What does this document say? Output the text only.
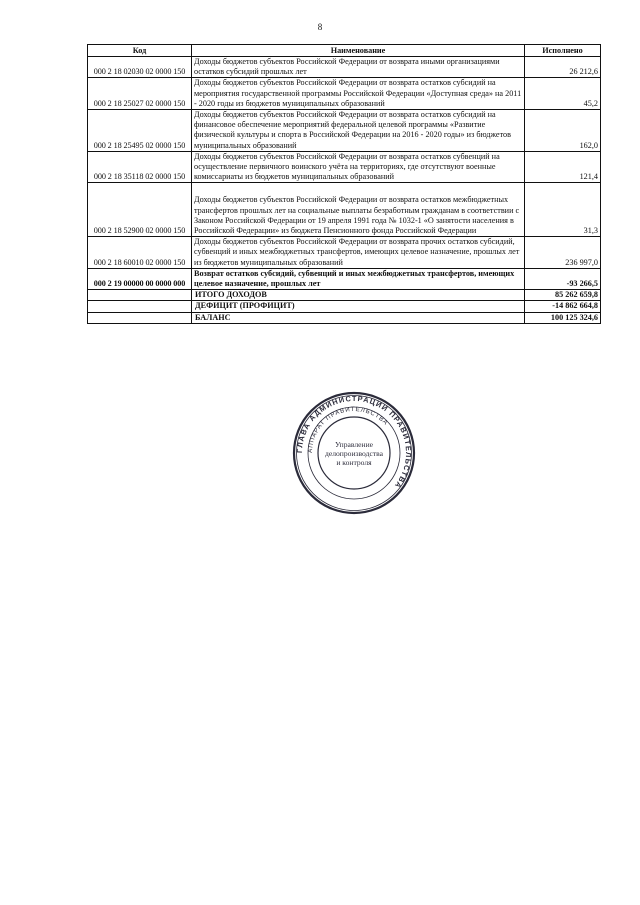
8
Код	Наименование	Исполнено
000 2 18 02030 02 0000 150	Доходы бюджетов субъектов Российской Федерации от возврата иными организациями остатков субсидий прошлых лет	26 212,6
000 2 18 25027 02 0000 150	Доходы бюджетов субъектов Российской Федерации от возврата остатков субсидий на мероприятия государственной программы Российской Федерации «Доступная среда» на 2011 - 2020 годы из бюджетов муниципальных образований	45,2
000 2 18 25495 02 0000 150	Доходы бюджетов субъектов Российской Федерации от возврата остатков субсидий на финансовое обеспечение мероприятий федеральной целевой программы «Развитие физической культуры и спорта в Российской Федерации на 2016 - 2020 годы» из бюджетов муниципальных образований	162,0
000 2 18 35118 02 0000 150	Доходы бюджетов субъектов Российской Федерации от возврата остатков субвенций на осуществление первичного воинского учёта на территориях, где отсутствуют военные комиссариаты из бюджетов муниципальных образований	121,4
000 2 18 52900 02 0000 150	Доходы бюджетов субъектов Российской Федерации от возврата остатков межбюджетных трансфертов прошлых лет на социальные выплаты безработным гражданам в соответствии с Законом Российской Федерации от 19 апреля 1991 года № 1032-1 «О занятости населения в Российской Федерации» из бюджета Пенсионного фонда Российской Федерации	31,3
000 2 18 60010 02 0000 150	Доходы бюджетов субъектов Российской Федерации от возврата прочих остатков субсидий, субвенций и иных межбюджетных трансфертов, имеющих целевое назначение, прошлых лет из бюджетов муниципальных образований	236 997,0
000 2 19 00000 00 0000 000	Возврат остатков субсидий, субвенций и иных межбюджетных трансфертов, имеющих целевое назначение, прошлых лет	-93 266,5
	ИТОГО ДОХОДОВ	85 262 659,8
	ДЕФИЦИТ (ПРОФИЦИТ)	-14 862 664,8
	БАЛАНС	100 125 324,6
ГЛАВА АДМИНИСТРАЦИИ ПРАВИТЕЛЬСТВА
АППАРАТ ПРАВИТЕЛЬСТВА
Управление
делопроизводства
и контроля
